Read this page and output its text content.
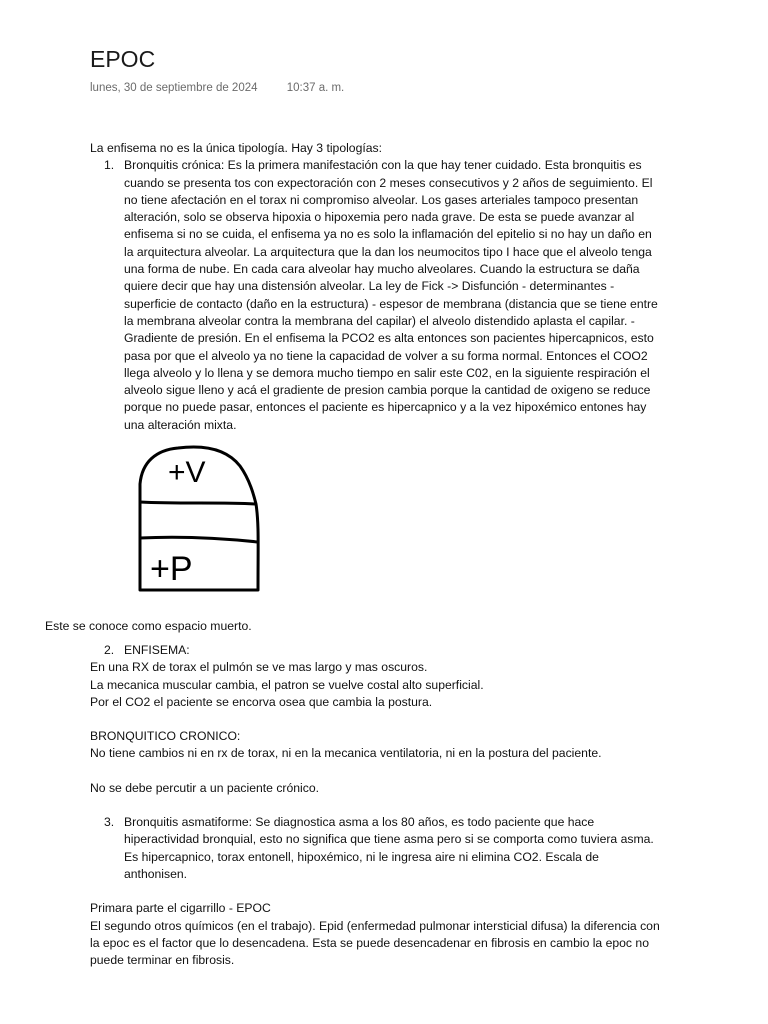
EPOC
lunes, 30 de septiembre de 2024	10:37 a. m.

La enfisema no es la única tipología. Hay 3 tipologías:

1. Bronquitis crónica: Es la primera manifestación con la que hay tener cuidado. Esta bronquitis es cuando se presenta tos con expectoración con 2 meses consecutivos y 2 años de seguimiento. El no tiene afectación en el torax ni compromiso alveolar. Los gases arteriales tampoco presentan alteración, solo se observa hipoxia o hipoxemia pero nada grave. De esta se puede avanzar al enfisema si no se cuida, el enfisema ya no es solo la inflamación del epitelio si no hay un daño en la arquitectura alveolar. La arquitectura que la dan los neumocitos tipo I hace que el alveolo tenga una forma de nube. En cada cara alveolar hay mucho alveolares. Cuando la estructura se daña quiere decir que hay una distensión alveolar. La ley de Fick -> Disfunción - determinantes - superficie de contacto (daño en la estructura) - espesor de membrana (distancia que se tiene entre la membrana alveolar contra la membrana del capilar) el alveolo distendido aplasta el capilar. - Gradiente de presión. En el enfisema la PCO2 es alta entonces son pacientes hipercapnicos, esto pasa por que el alveolo ya no tiene la capacidad de volver a su forma normal. Entonces el COO2 llega alveolo y lo llena y se demora mucho tiempo en salir este C02, en la siguiente respiración el alveolo sigue lleno y acá el gradiente de presion cambia porque la cantidad de oxigeno se reduce porque no puede pasar, entonces el paciente es hipercapnico y a la vez hipoxémico entones hay una alteración mixta.
+V
+P

Este se conoce como espacio muerto.

2. ENFISEMA:

En una RX de torax el pulmón se ve mas largo y mas oscuros.

La mecanica muscular cambia, el patron se vuelve costal alto superficial.

Por el CO2 el paciente se encorva osea que cambia la postura.

BRONQUITICO CRONICO:

No tiene cambios ni en rx de torax, ni en la mecanica ventilatoria, ni en la postura del paciente.

No se debe percutir a un paciente crónico.

3. Bronquitis asmatiforme: Se diagnostica asma a los 80 años, es todo paciente que hace hiperactividad bronquial, esto no significa que tiene asma pero si se comporta como tuviera asma. Es hipercapnico, torax entonell, hipoxémico, ni le ingresa aire ni elimina CO2. Escala de anthonisen.

Primara parte el cigarrillo - EPOC

El segundo otros químicos (en el trabajo). Epid (enfermedad pulmonar intersticial difusa) la diferencia con la epoc es el factor que lo desencadena. Esta se puede desencadenar en fibrosis en cambio la epoc no puede terminar en fibrosis.
